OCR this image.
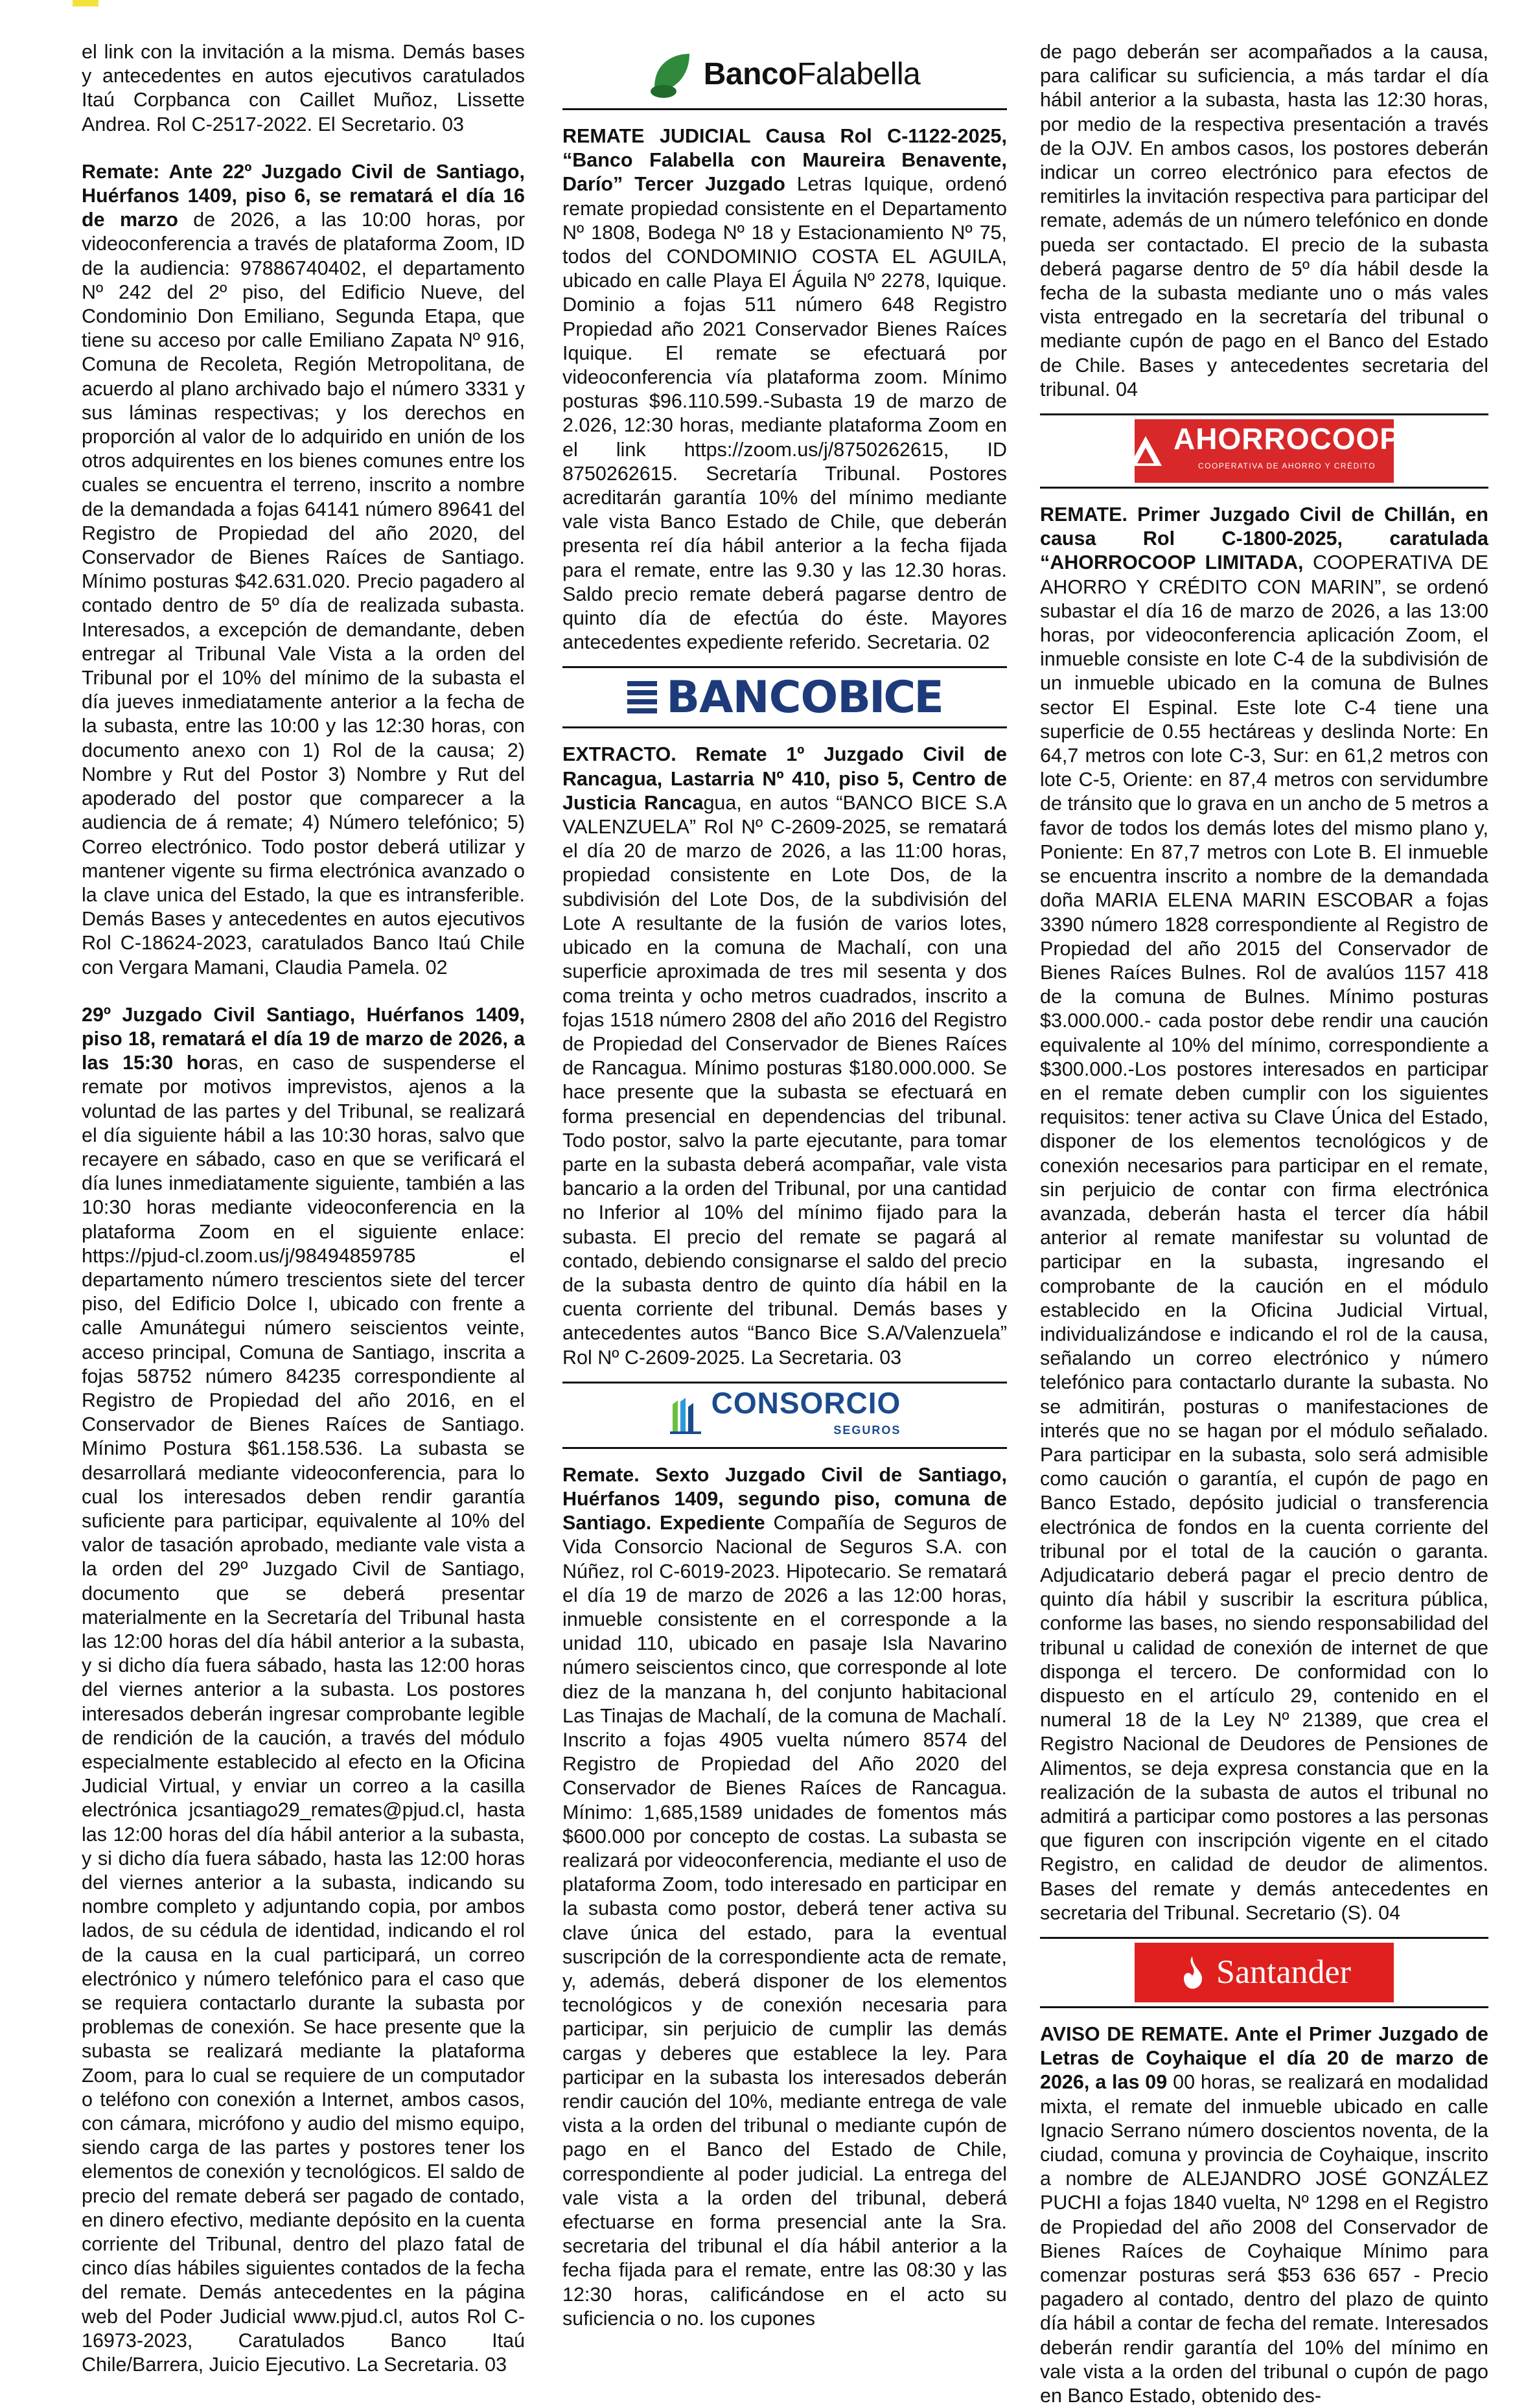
el link con la invitación a la misma. Demás bases y antecedentes en autos ejecutivos caratulados Itaú Corpbanca con Caillet Muñoz, Lissette Andrea. Rol C-2517-2022. El Secretario. 03

Remate: Ante 22º Juzgado Civil de Santiago, Huérfanos 1409, piso 6, se rematará el día 16 de marzo de 2026, a las 10:00 horas, por videoconferencia a través de plataforma Zoom, ID de la audiencia: 97886740402, el departamento Nº 242 del 2º piso, del Edificio Nueve, del Condominio Don Emiliano, Segunda Etapa, que tiene su acceso por calle Emiliano Zapata Nº 916, Comuna de Recoleta, Región Metropolitana, de acuerdo al plano archivado bajo el número 3331 y sus láminas respectivas; y los derechos en proporción al valor de lo adquirido en unión de los otros adquirentes en los bienes comunes entre los cuales se encuentra el terreno, inscrito a nombre de la demandada a fojas 64141 número 89641 del Registro de Propiedad del año 2020, del Conservador de Bienes Raíces de Santiago. Mínimo posturas $42.631.020. Precio pagadero al contado dentro de 5º día de realizada subasta. Interesados, a excepción de demandante, deben entregar al Tribunal Vale Vista a la orden del Tribunal por el 10% del mínimo de la subasta el día jueves inmediatamente anterior a la fecha de la subasta, entre las 10:00 y las 12:30 horas, con documento anexo con 1) Rol de la causa; 2) Nombre y Rut del Postor 3) Nombre y Rut del apoderado del postor que comparecer a la audiencia de á remate; 4) Número telefónico; 5) Correo electrónico. Todo postor deberá utilizar y mantener vigente su firma electrónica avanzado o la clave unica del Estado, la que es intransferible. Demás Bases y antecedentes en autos ejecutivos Rol C-18624-2023, caratulados Banco Itaú Chile con Vergara Mamani, Claudia Pamela. 02

29º Juzgado Civil Santiago, Huérfanos 1409, piso 18, rematará el día 19 de marzo de 2026, a las 15:30 horas, en caso de suspenderse el remate por motivos imprevistos, ajenos a la voluntad de las partes y del Tribunal, se realizará el día siguiente hábil a las 10:30 horas, salvo que recayere en sábado, caso en que se verificará el día lunes inmediatamente siguiente, también a las 10:30 horas mediante videoconferencia en la plataforma Zoom en el siguiente enlace: https://pjud-cl.zoom.us/j/98494859785 el departamento número trescientos siete del tercer piso, del Edificio Dolce I, ubicado con frente a calle Amunátegui número seiscientos veinte, acceso principal, Comuna de Santiago, inscrita a fojas 58752 número 84235 correspondiente al Registro de Propiedad del año 2016, en el Conservador de Bienes Raíces de Santiago. Mínimo Postura $61.158.536. La subasta se desarrollará mediante videoconferencia, para lo cual los interesados deben rendir garantía suficiente para participar, equivalente al 10% del valor de tasación aprobado, mediante vale vista a la orden del 29º Juzgado Civil de Santiago, documento que se deberá presentar materialmente en la Secretaría del Tribunal hasta las 12:00 horas del día hábil anterior a la subasta, y si dicho día fuera sábado, hasta las 12:00 horas del viernes anterior a la subasta. Los postores interesados deberán ingresar comprobante legible de rendición de la caución, a través del módulo especialmente establecido al efecto en la Oficina Judicial Virtual, y enviar un correo a la casilla electrónica jcsantiago29_remates@pjud.cl, hasta las 12:00 horas del día hábil anterior a la subasta, y si dicho día fuera sábado, hasta las 12:00 horas del viernes anterior a la subasta, indicando su nombre completo y adjuntando copia, por ambos lados, de su cédula de identidad, indicando el rol de la causa en la cual participará, un correo electrónico y número telefónico para el caso que se requiera contactarlo durante la subasta por problemas de conexión. Se hace presente que la subasta se realizará mediante la plataforma Zoom, para lo cual se requiere de un computador o teléfono con conexión a Internet, ambos casos, con cámara, micrófono y audio del mismo equipo, siendo carga de las partes y postores tener los elementos de conexión y tecnológicos. El saldo de precio del remate deberá ser pagado de contado, en dinero efectivo, mediante depósito en la cuenta corriente del Tribunal, dentro del plazo fatal de cinco días hábiles siguientes contados de la fecha del remate. Demás antecedentes en la página web del Poder Judicial www.pjud.cl, autos Rol C-16973-2023, Caratulados Banco Itaú Chile/Barrera, Juicio Ejecutivo. La Secretaria. 03

BancoFalabella

REMATE JUDICIAL Causa Rol C-1122-2025, “Banco Falabella con Maureira Benavente, Darío” Tercer Juzgado Letras Iquique, ordenó remate propiedad consistente en el Departamento Nº 1808, Bodega Nº 18 y Estacionamiento Nº 75, todos del CONDOMINIO COSTA EL AGUILA, ubicado en calle Playa El Águila Nº 2278, Iquique. Dominio a fojas 511 número 648 Registro Propiedad año 2021 Conservador Bienes Raíces Iquique. El remate se efectuará por videoconferencia vía plataforma zoom. Mínimo posturas $96.110.599.-Subasta 19 de marzo de 2.026, 12:30 horas, mediante plataforma Zoom en el link https://zoom.us/j/8750262615, ID 8750262615. Secretaría Tribunal. Postores acreditarán garantía 10% del mínimo mediante vale vista Banco Estado de Chile, que deberán presenta reí día hábil anterior a la fecha fijada para el remate, entre las 9.30 y las 12.30 horas. Saldo precio remate deberá pagarse dentro de quinto día de efectúa do éste. Mayores antecedentes expediente referido. Secretaria. 02

BANCOBICE

EXTRACTO. Remate 1º Juzgado Civil de Rancagua, Lastarria Nº 410, piso 5, Centro de Justicia Rancagua, en autos “BANCO BICE S.A VALENZUELA” Rol Nº C-2609-2025, se rematará el día 20 de marzo de 2026, a las 11:00 horas, propiedad consistente en Lote Dos, de la subdivisión del Lote Dos, de la subdivisión del Lote A resultante de la fusión de varios lotes, ubicado en la comuna de Machalí, con una superficie aproximada de tres mil sesenta y dos coma treinta y ocho metros cuadrados, inscrito a fojas 1518 número 2808 del año 2016 del Registro de Propiedad del Conservador de Bienes Raíces de Rancagua. Mínimo posturas $180.000.000. Se hace presente que la subasta se efectuará en forma presencial en dependencias del tribunal. Todo postor, salvo la parte ejecutante, para tomar parte en la subasta deberá acompañar, vale vista bancario a la orden del Tribunal, por una cantidad no Inferior al 10% del mínimo fijado para la subasta. El precio del remate se pagará al contado, debiendo consignarse el saldo del precio de la subasta dentro de quinto día hábil en la cuenta corriente del tribunal. Demás bases y antecedentes autos “Banco Bice S.A/Valenzuela” Rol Nº C-2609-2025. La Secretaria. 03

CONSORCIO
SEGUROS

Remate. Sexto Juzgado Civil de Santiago, Huérfanos 1409, segundo piso, comuna de Santiago. Expediente Compañía de Seguros de Vida Consorcio Nacional de Seguros S.A. con Núñez, rol C-6019-2023. Hipotecario. Se rematará el día 19 de marzo de 2026 a las 12:00 horas, inmueble consistente en el corresponde a la unidad 110, ubicado en pasaje Isla Navarino número seiscientos cinco, que corresponde al lote diez de la manzana h, del conjunto habitacional Las Tinajas de Machalí, de la comuna de Machalí. Inscrito a fojas 4905 vuelta número 8574 del Registro de Propiedad del Año 2020 del Conservador de Bienes Raíces de Rancagua. Mínimo: 1,685,1589 unidades de fomentos más $600.000 por concepto de costas. La subasta se realizará por videoconferencia, mediante el uso de plataforma Zoom, todo interesado en participar en la subasta como postor, deberá tener activa su clave única del estado, para la eventual suscripción de la correspondiente acta de remate, y, además, deberá disponer de los elementos tecnológicos y de conexión necesaria para participar, sin perjuicio de cumplir las demás cargas y deberes que establece la ley. Para participar en la subasta los interesados deberán rendir caución del 10%, mediante entrega de vale vista a la orden del tribunal o mediante cupón de pago en el Banco del Estado de Chile, correspondiente al poder judicial. La entrega del vale vista a la orden del tribunal, deberá efectuarse en forma presencial ante la Sra. secretaria del tribunal el día hábil anterior a la fecha fijada para el remate, entre las 08:30 y las 12:30 horas, calificándose en el acto su suficiencia o no. los cupones

de pago deberán ser acompañados a la causa, para calificar su suficiencia, a más tardar el día hábil anterior a la subasta, hasta las 12:30 horas, por medio de la respectiva presentación a través de la OJV. En ambos casos, los postores deberán indicar un correo electrónico para efectos de remitirles la invitación respectiva para participar del remate, además de un número telefónico en donde pueda ser contactado. El precio de la subasta deberá pagarse dentro de 5º día hábil desde la fecha de la subasta mediante uno o más vales vista entregado en la secretaría del tribunal o mediante cupón de pago en el Banco del Estado de Chile. Bases y antecedentes secretaria del tribunal. 04

AHORROCOOP
COOPERATIVA DE AHORRO Y CRÉDITO

REMATE. Primer Juzgado Civil de Chillán, en causa Rol C-1800-2025, caratulada “AHORROCOOP LIMITADA, COOPERATIVA DE AHORRO Y CRÉDITO CON MARIN”, se ordenó subastar el día 16 de marzo de 2026, a las 13:00 horas, por videoconferencia aplicación Zoom, el inmueble consiste en lote C-4 de la subdivisión de un inmueble ubicado en la comuna de Bulnes sector El Espinal. Este lote C-4 tiene una superficie de 0.55 hectáreas y deslinda Norte: En 64,7 metros con lote C-3, Sur: en 61,2 metros con lote C-5, Oriente: en 87,4 metros con servidumbre de tránsito que lo grava en un ancho de 5 metros a favor de todos los demás lotes del mismo plano y, Poniente: En 87,7 metros con Lote B. El inmueble se encuentra inscrito a nombre de la demandada doña MARIA ELENA MARIN ESCOBAR a fojas 3390 número 1828 correspondiente al Registro de Propiedad del año 2015 del Conservador de Bienes Raíces Bulnes. Rol de avalúos 1157 418 de la comuna de Bulnes. Mínimo posturas $3.000.000.- cada postor debe rendir una caución equivalente al 10% del mínimo, correspondiente a $300.000.-Los postores interesados en participar en el remate deben cumplir con los siguientes requisitos: tener activa su Clave Única del Estado, disponer de los elementos tecnológicos y de conexión necesarios para participar en el remate, sin perjuicio de contar con firma electrónica avanzada, deberán hasta el tercer día hábil anterior al remate manifestar su voluntad de participar en la subasta, ingresando el comprobante de la caución en el módulo establecido en la Oficina Judicial Virtual, individualizándose e indicando el rol de la causa, señalando un correo electrónico y número telefónico para contactarlo durante la subasta. No se admitirán, posturas o manifestaciones de interés que no se hagan por el módulo señalado. Para participar en la subasta, solo será admisible como caución o garantía, el cupón de pago en Banco Estado, depósito judicial o transferencia electrónica de fondos en la cuenta corriente del tribunal por el total de la caución o garanta. Adjudicatario deberá pagar el precio dentro de quinto día hábil y suscribir la escritura pública, conforme las bases, no siendo responsabilidad del tribunal u calidad de conexión de internet de que disponga el tercero. De conformidad con lo dispuesto en el artículo 29, contenido en el numeral 18 de la Ley Nº 21389, que crea el Registro Nacional de Deudores de Pensiones de Alimentos, se deja expresa constancia que en la realización de la subasta de autos el tribunal no admitirá a participar como postores a las personas que figuren con inscripción vigente en el citado Registro, en calidad de deudor de alimentos. Bases del remate y demás antecedentes en secretaria del Tribunal. Secretario (S). 04

Santander

AVISO DE REMATE. Ante el Primer Juzgado de Letras de Coyhaique el día 20 de marzo de 2026, a las 09 00 horas, se realizará en modalidad mixta, el remate del inmueble ubicado en calle Ignacio Serrano número doscientos noventa, de la ciudad, comuna y provincia de Coyhaique, inscrito a nombre de ALEJANDRO JOSÉ GONZÁLEZ PUCHI a fojas 1840 vuelta, Nº 1298 en el Registro de Propiedad del año 2008 del Conservador de Bienes Raíces de Coyhaique Mínimo para comenzar posturas será $53 636 657 - Precio pagadero al contado, dentro del plazo de quinto día hábil a contar de fecha del remate. Interesados deberán rendir garantía del 10% del mínimo en vale vista a la orden del tribunal o cupón de pago en Banco Estado, obtenido des-
